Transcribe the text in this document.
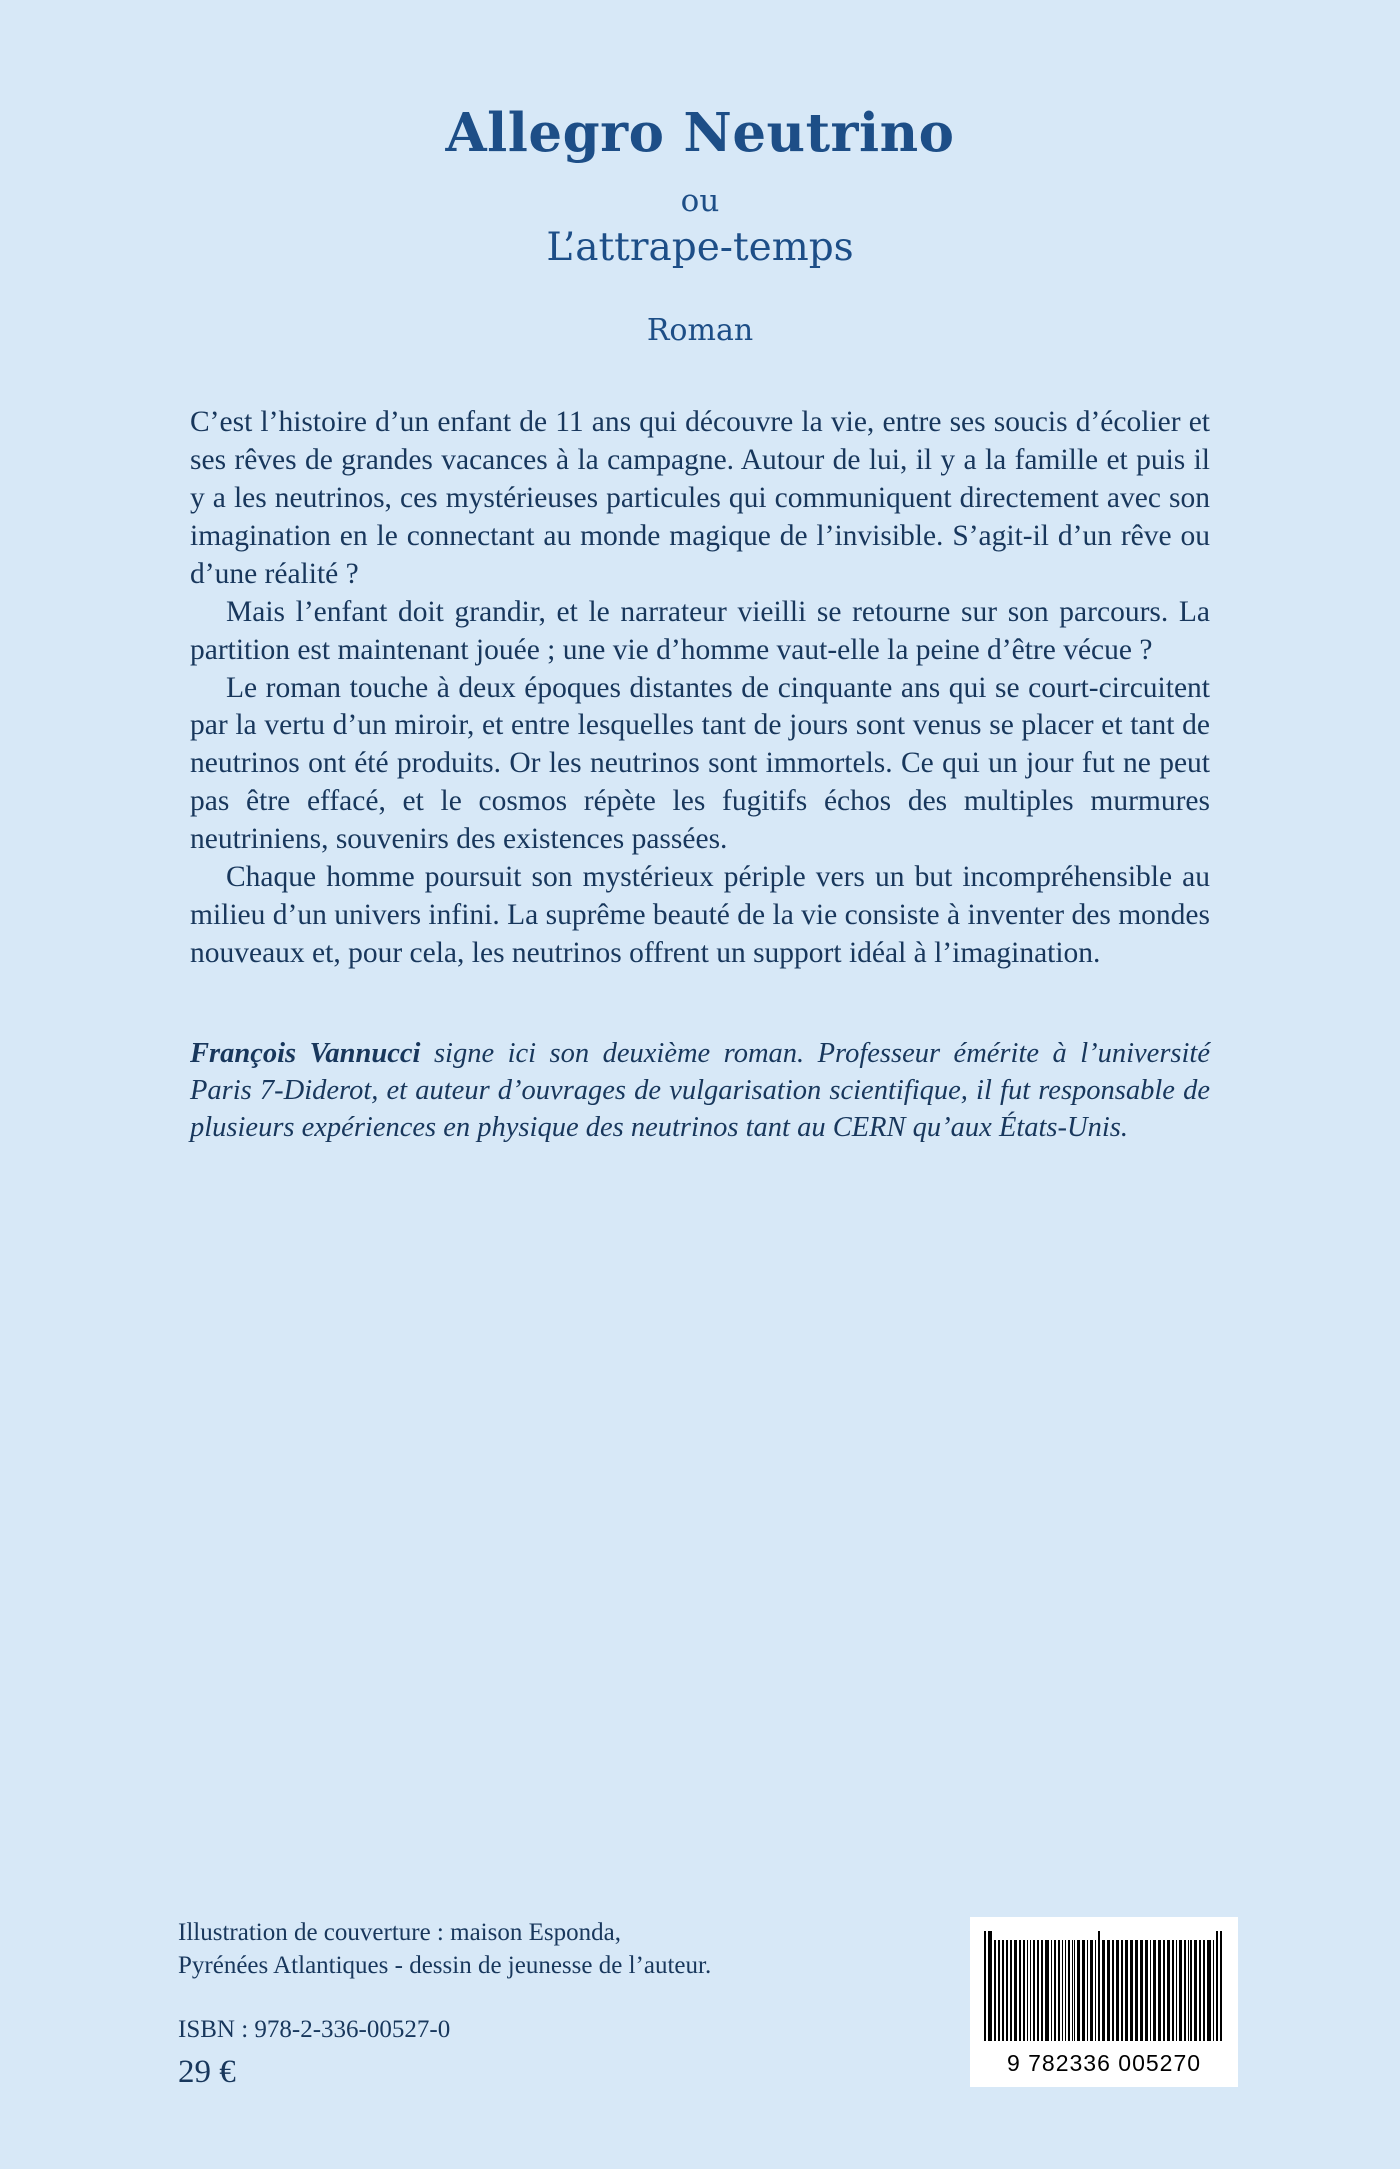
Allegro Neutrino
ou
L’attrape‑temps
Roman

C’est l’histoire d’un enfant de 11 ans qui découvre la vie, entre ses soucis d’écolier et ses rêves de grandes vacances à la campagne. Autour de lui, il y a la famille et puis il y a les neutrinos, ces mystérieuses particules qui communiquent directement avec son imagination en le connectant au monde magique de l’invisible. S’agit-il d’un rêve ou d’une réalité ?

Mais l’enfant doit grandir, et le narrateur vieilli se retourne sur son parcours. La partition est maintenant jouée ; une vie d’homme vaut-elle la peine d’être vécue ?

Le roman touche à deux époques distantes de cinquante ans qui se court-circuitent par la vertu d’un miroir, et entre lesquelles tant de jours sont venus se placer et tant de neutrinos ont été produits. Or les neutrinos sont immortels. Ce qui un jour fut ne peut pas être effacé, et le cosmos répète les fugitifs échos des multiples murmures neutriniens, souvenirs des existences passées.

Chaque homme poursuit son mystérieux périple vers un but incompréhensible au milieu d’un univers infini. La suprême beauté de la vie consiste à inventer des mondes nouveaux et, pour cela, les neutrinos offrent un support idéal à l’imagination.

François Vannucci signe ici son deuxième roman. Professeur émérite à l’université Paris 7-Diderot, et auteur d’ouvrages de vulgarisation scientifique, il fut responsable de plusieurs expériences en physique des neutrinos tant au CERN qu’aux États-Unis.
Illustration de couverture : maison Esponda,
Pyrénées Atlantiques - dessin de jeunesse de l’auteur.
ISBN : 978-2-336-00527-0
29 €	9 782336 005270
